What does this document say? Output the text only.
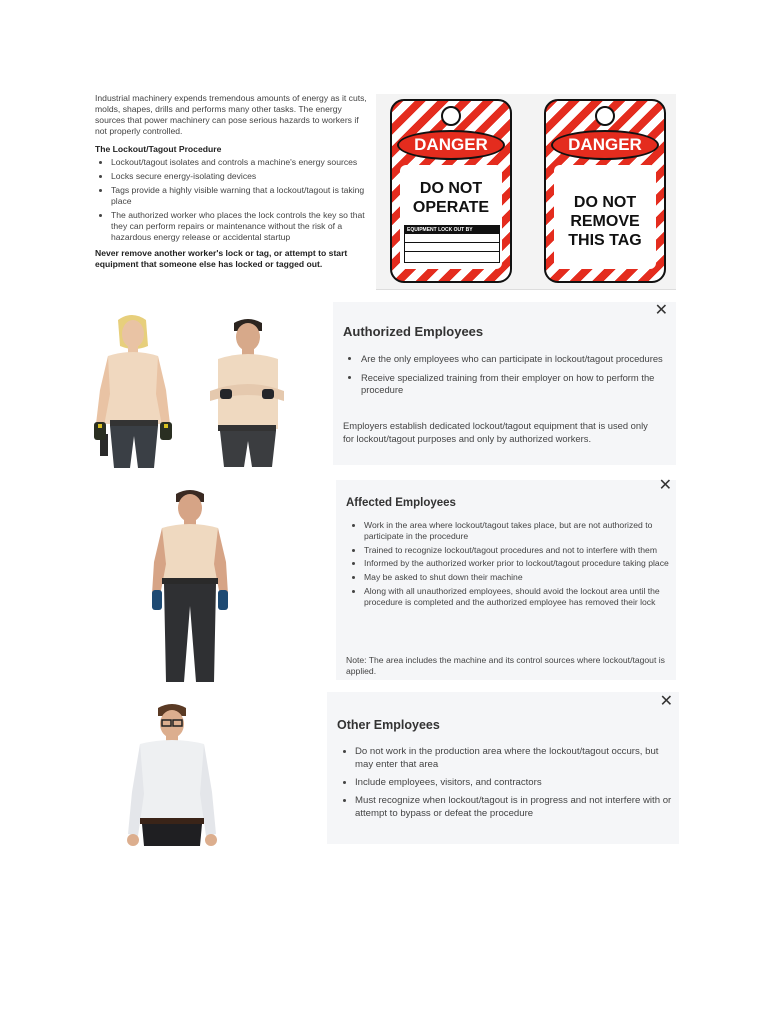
Industrial machinery expends tremendous amounts of energy as it cuts, molds, shapes, drills and performs many other tasks. The energy sources that power machinery can pose serious hazards to workers if not properly controlled.

The Lockout/Tagout Procedure

• Lockout/tagout isolates and controls a machine's energy sources
• Locks secure energy-isolating devices
• Tags provide a highly visible warning that a lockout/tagout is taking place
• The authorized worker who places the lock controls the key so that they can perform repairs or maintenance without the risk of a hazardous energy release or accidental startup

Never remove another worker's lock or tag, or attempt to start equipment that someone else has locked or tagged out.

DANGER
DO NOT
OPERATE
EQUIPMENT LOCK OUT BY
DANGER
DO NOT
REMOVE
THIS TAG
✕
Authorized Employees
• Are the only employees who can participate in lockout/tagout procedures
• Receive specialized training from their employer on how to perform the procedure

Employers establish dedicated lockout/tagout equipment that is used only for lockout/tagout purposes and only by authorized workers.

✕
Affected Employees
• Work in the area where lockout/tagout takes place, but are not authorized to participate in the procedure
• Trained to recognize lockout/tagout procedures and not to interfere with them
• Informed by the authorized worker prior to lockout/tagout procedure taking place
• May be asked to shut down their machine
• Along with all unauthorized employees, should avoid the lockout area until the procedure is completed and the authorized employee has removed their lock

Note: The area includes the machine and its control sources where lockout/tagout is applied.

✕
Other Employees
• Do not work in the production area where the lockout/tagout occurs, but may enter that area
• Include employees, visitors, and contractors
• Must recognize when lockout/tagout is in progress and not interfere with or attempt to bypass or defeat the procedure
